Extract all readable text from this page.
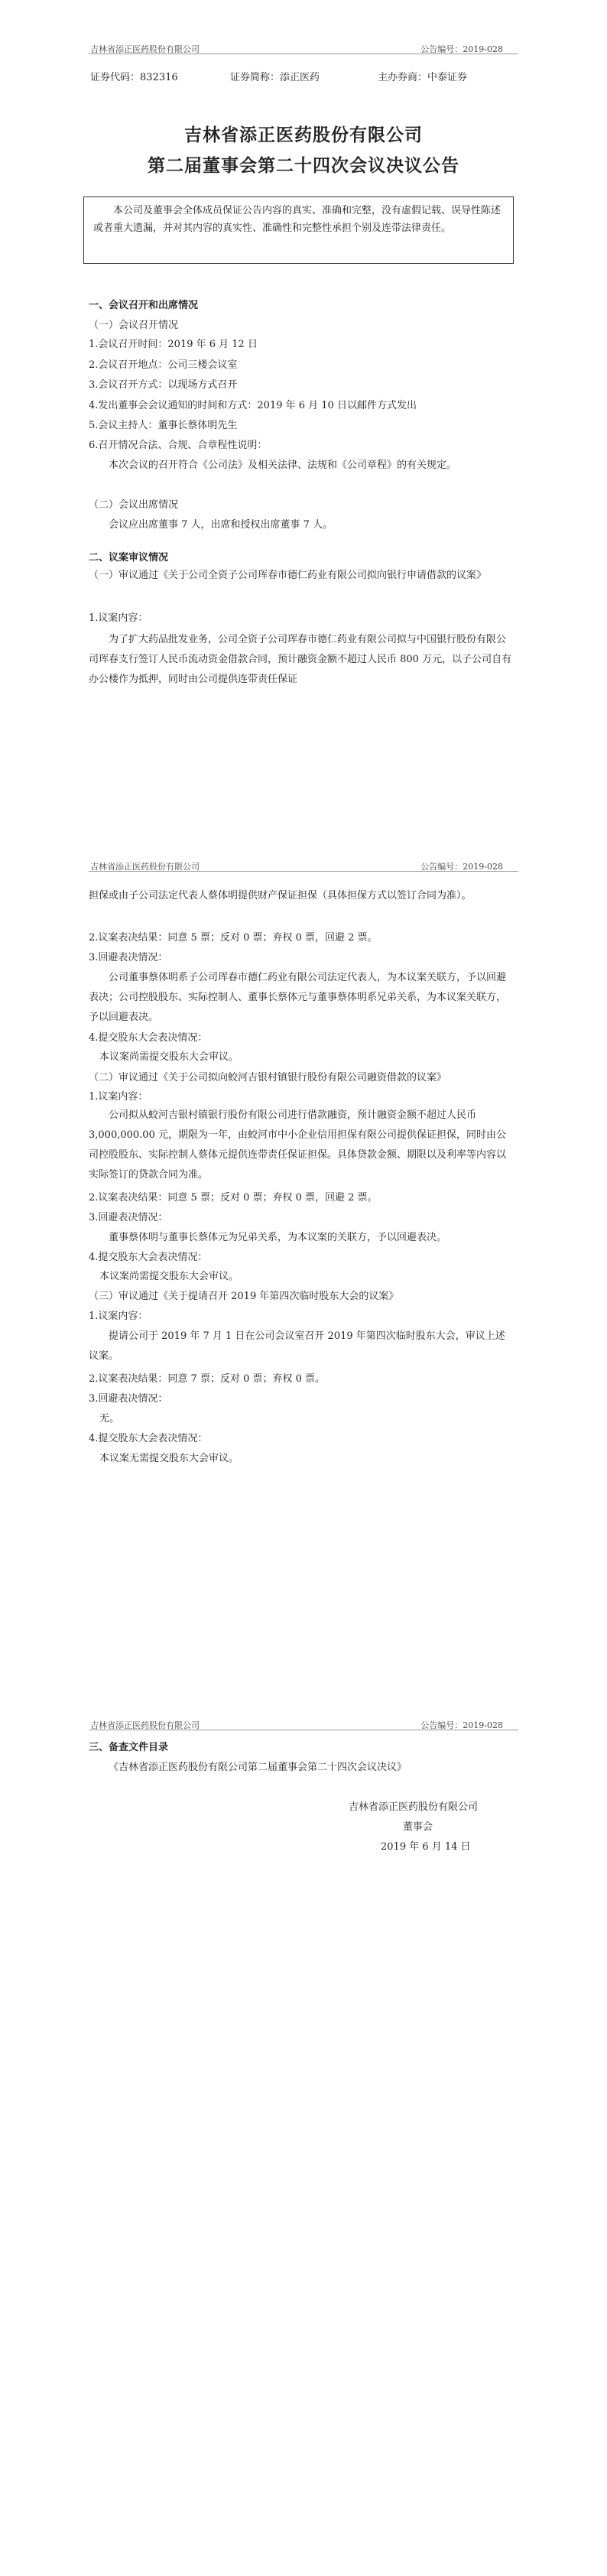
吉林省添正医药股份有限公司	公告编号：2019-028
证券代码：832316	证券简称：添正医药	主办券商：中泰证券
吉林省添正医药股份有限公司
第二届董事会第二十四次会议决议公告

本公司及董事会全体成员保证公告内容的真实、准确和完整，没有虚假记载、误导性陈述或者重大遗漏，并对其内容的真实性、准确性和完整性承担个别及连带法律责任。

一、会议召开和出席情况
（一）会议召开情况
1.会议召开时间：2019 年 6 月 12 日
2.会议召开地点：公司三楼会议室
3.会议召开方式：以现场方式召开
4.发出董事会会议通知的时间和方式：2019 年 6 月 10 日以邮件方式发出
5.会议主持人：董事长蔡体明先生
6.召开情况合法、合规、合章程性说明：

本次会议的召开符合《公司法》及相关法律、法规和《公司章程》的有关规定。

（二）会议出席情况
会议应出席董事 7 人，出席和授权出席董事 7 人。
二、议案审议情况

（一）审议通过《关于公司全资子公司珲春市德仁药业有限公司拟向银行申请借款的议案》

1.议案内容：

为了扩大药品批发业务，公司全资子公司珲春市德仁药业有限公司拟与中国银行股份有限公司珲春支行签订人民币流动资金借款合同，预计融资金额不超过人民币 800 万元，以子公司自有办公楼作为抵押，同时由公司提供连带责任保证

吉林省添正医药股份有限公司	公告编号：2019-028

担保或由子公司法定代表人蔡体明提供财产保证担保（具体担保方式以签订合同为准）。

2.议案表决结果：同意 5 票；反对 0 票；弃权 0 票，回避 2 票。
3.回避表决情况：

公司董事蔡体明系子公司珲春市德仁药业有限公司法定代表人，为本议案关联方，予以回避表决；公司控股股东、实际控制人、董事长蔡体元与董事蔡体明系兄弟关系，为本议案关联方，予以回避表决。

4.提交股东大会表决情况：
本议案尚需提交股东大会审议。
（二）审议通过《关于公司拟向蛟河吉银村镇银行股份有限公司融资借款的议案》
1.议案内容：

公司拟从蛟河吉银村镇银行股份有限公司进行借款融资，预计融资金额不超过人民币 3,000,000.00 元，期限为一年，由蛟河市中小企业信用担保有限公司提供保证担保，同时由公司控股股东、实际控制人蔡体元提供连带责任保证担保。具体贷款金额、期限以及利率等内容以实际签订的贷款合同为准。

2.议案表决结果：同意 5 票；反对 0 票；弃权 0 票，回避 2 票。
3.回避表决情况：
董事蔡体明与董事长蔡体元为兄弟关系，为本议案的关联方，予以回避表决。
4.提交股东大会表决情况：
本议案尚需提交股东大会审议。
（三）审议通过《关于提请召开 2019 年第四次临时股东大会的议案》
1.议案内容：

提请公司于 2019 年 7 月 1 日在公司会议室召开 2019 年第四次临时股东大会，审议上述议案。

2.议案表决结果：同意 7 票；反对 0 票；弃权 0 票。
3.回避表决情况：
无。
4.提交股东大会表决情况：
本议案无需提交股东大会审议。
吉林省添正医药股份有限公司	公告编号：2019-028
三、备查文件目录
《吉林省添正医药股份有限公司第二届董事会第二十四次会议决议》
吉林省添正医药股份有限公司
董事会
2019 年 6 月 14 日
